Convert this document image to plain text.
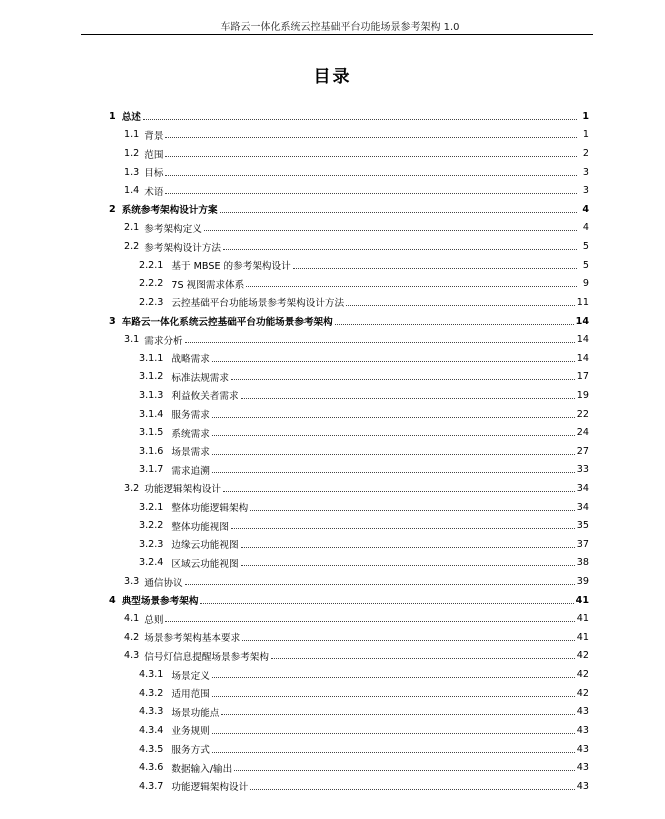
车路云一体化系统云控基础平台功能场景参考架构 1.0
目录
1 总述	1
1.1 背景	1
1.2 范围	2
1.3 目标	3
1.4 术语	3
2 系统参考架构设计方案	4
2.1 参考架构定义	4
2.2 参考架构设计方法	5
2.2.1 基于 MBSE 的参考架构设计	5
2.2.2 7S 视图需求体系	9
2.2.3 云控基础平台功能场景参考架构设计方法	11
3 车路云一体化系统云控基础平台功能场景参考架构	14
3.1 需求分析	14
3.1.1 战略需求	14
3.1.2 标准法规需求	17
3.1.3 利益攸关者需求	19
3.1.4 服务需求	22
3.1.5 系统需求	24
3.1.6 场景需求	27
3.1.7 需求追溯	33
3.2 功能逻辑架构设计	34
3.2.1 整体功能逻辑架构	34
3.2.2 整体功能视图	35
3.2.3 边缘云功能视图	37
3.2.4 区域云功能视图	38
3.3 通信协议	39
4 典型场景参考架构	41
4.1 总则	41
4.2 场景参考架构基本要求	41
4.3 信号灯信息提醒场景参考架构	42
4.3.1 场景定义	42
4.3.2 适用范围	42
4.3.3 场景功能点	43
4.3.4 业务规则	43
4.3.5 服务方式	43
4.3.6 数据输入/输出	43
4.3.7 功能逻辑架构设计	43
